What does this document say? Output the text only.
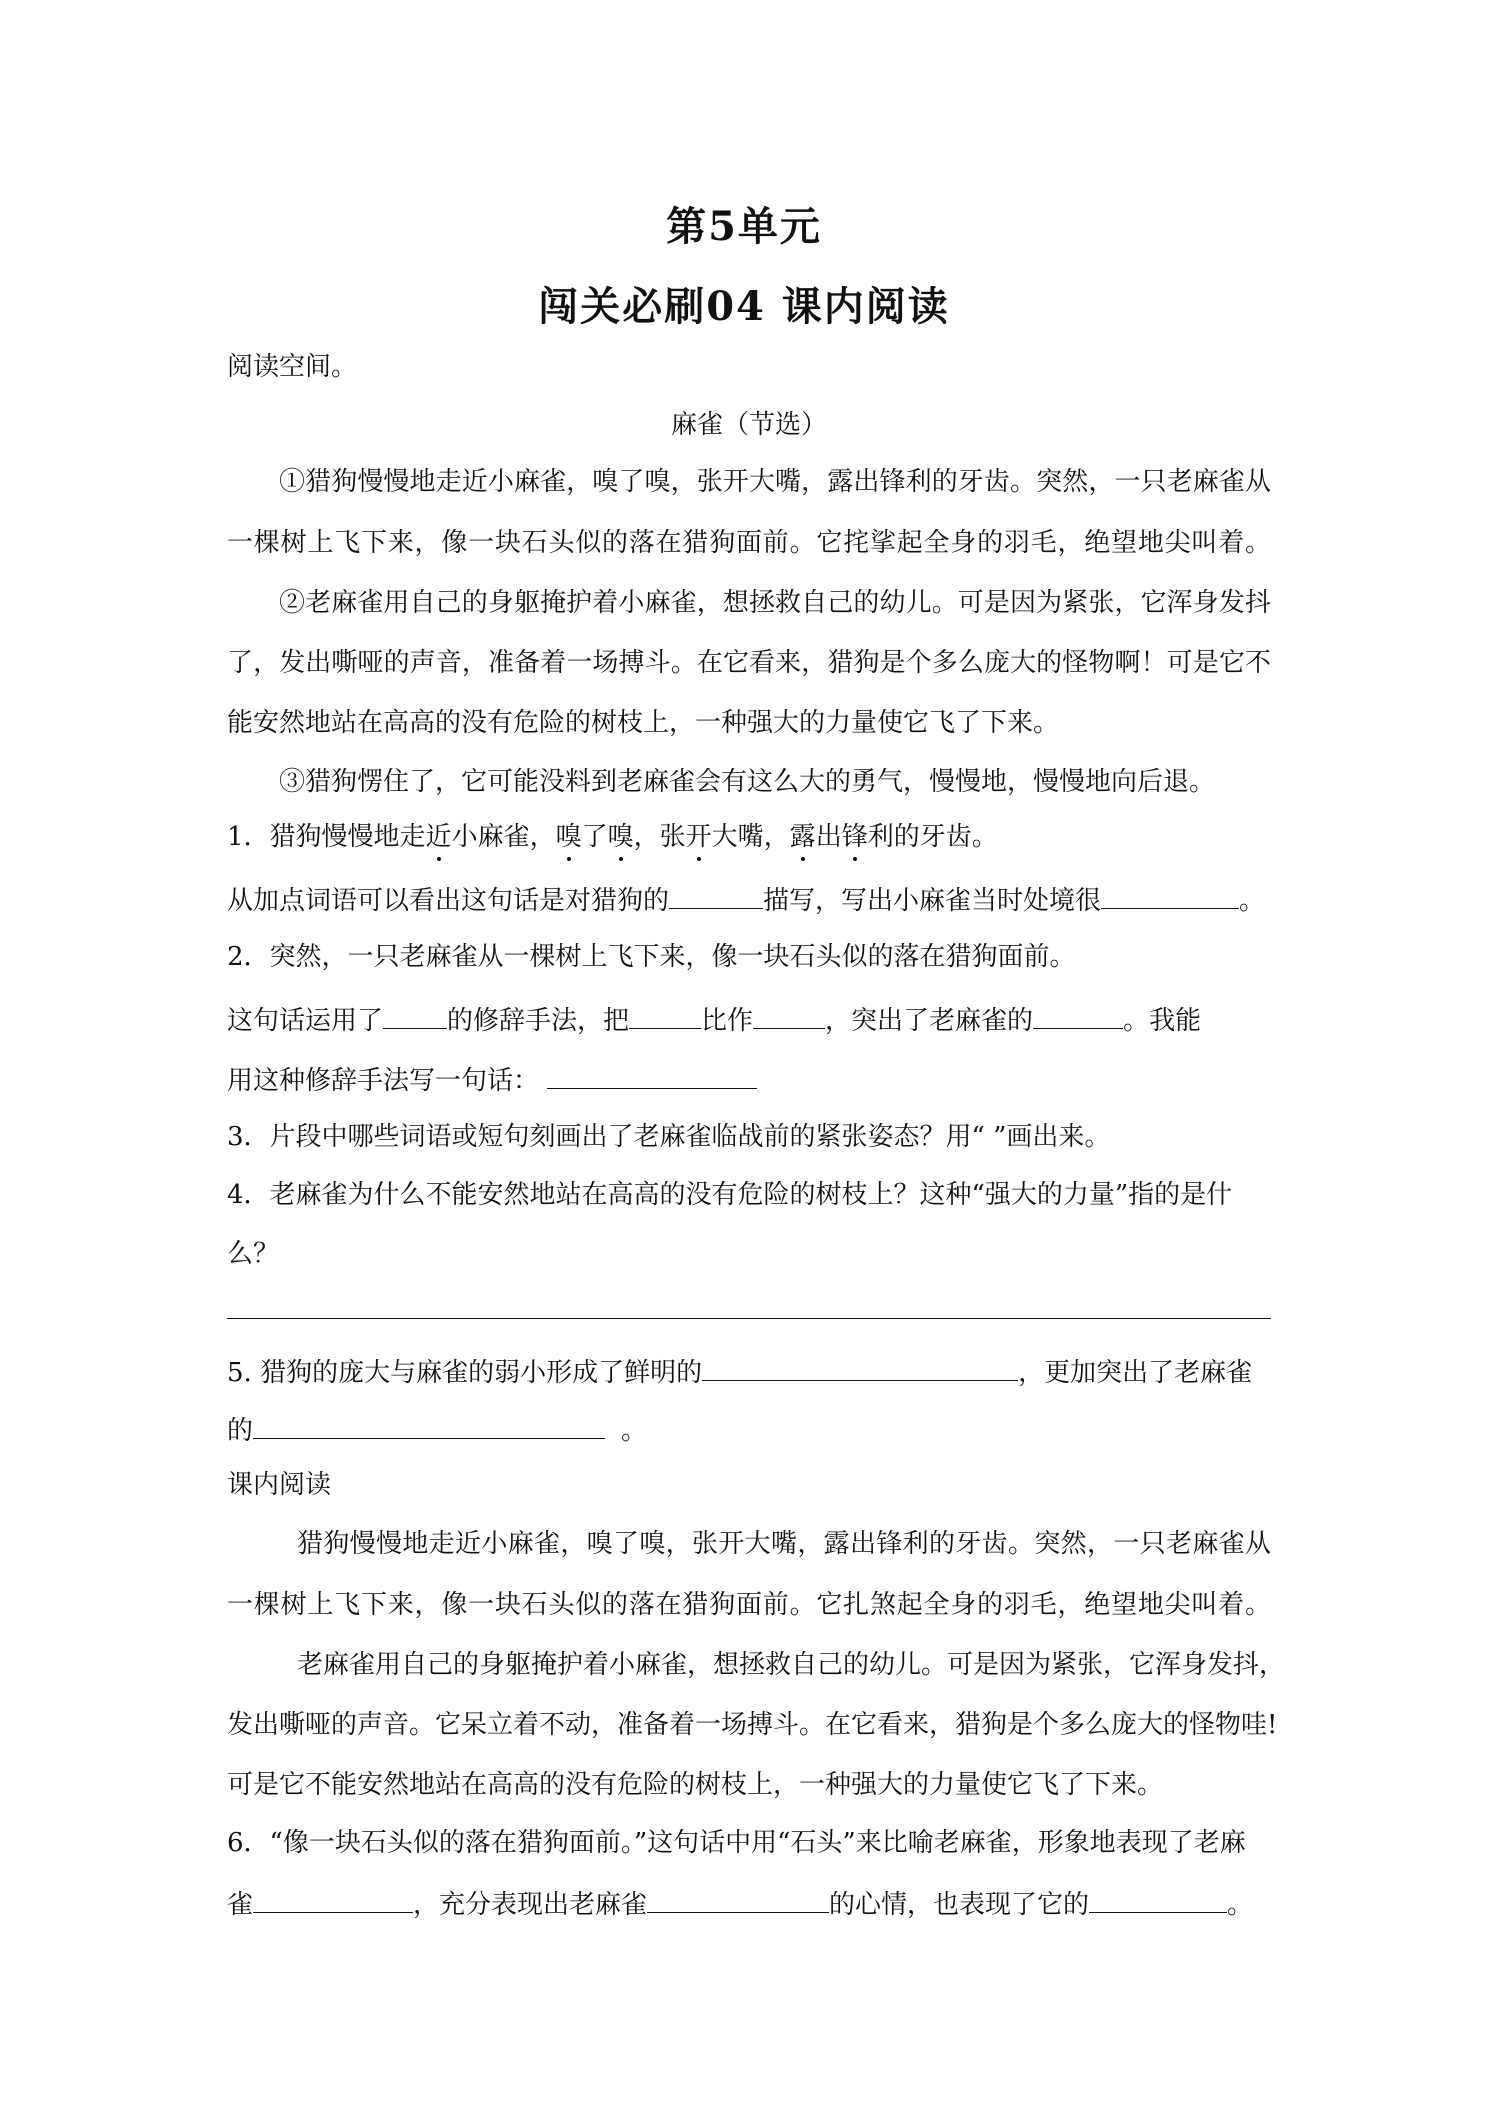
第5单元
闯关必刷04 课内阅读
阅读空间。
麻雀（节选）
①猎狗慢慢地走近小麻雀，嗅了嗅，张开大嘴，露出锋利的牙齿。突然，一只老麻雀从
一棵树上飞下来，像一块石头似的落在猎狗面前。它挓挲起全身的羽毛，绝望地尖叫着。
②老麻雀用自己的身躯掩护着小麻雀，想拯救自己的幼儿。可是因为紧张，它浑身发抖
了，发出嘶哑的声音，准备着一场搏斗。在它看来，猎狗是个多么庞大的怪物啊！可是它不
能安然地站在高高的没有危险的树枝上，一种强大的力量使它飞了下来。
③猎狗愣住了，它可能没料到老麻雀会有这么大的勇气，慢慢地，慢慢地向后退。
1．猎狗慢慢地走近小麻雀，嗅了嗅，张开大嘴，露出锋利的牙齿。
从加点词语可以看出这句话是对猎狗的	描写，写出小麻雀当时处境很	。
2．突然，一只老麻雀从一棵树上飞下来，像一块石头似的落在猎狗面前。
这句话运用了 的修辞手法，把	比作	，突出了老麻雀的	。我能
用这种修辞手法写一句话：
3．片段中哪些词语或短句刻画出了老麻雀临战前的紧张姿态？用“ ”画出来。
4．老麻雀为什么不能安然地站在高高的没有危险的树枝上？这种“强大的力量”指的是什
么？
5. 猎狗的庞大与麻雀的弱小形成了鲜明的	，更加突出了老麻雀
的	。
课内阅读
猎狗慢慢地走近小麻雀，嗅了嗅，张开大嘴，露出锋利的牙齿。突然，一只老麻雀从
一棵树上飞下来，像一块石头似的落在猎狗面前。它扎煞起全身的羽毛，绝望地尖叫着。
老麻雀用自己的身躯掩护着小麻雀，想拯救自己的幼儿。可是因为紧张，它浑身发抖，
发出嘶哑的声音。它呆立着不动，准备着一场搏斗。在它看来，猎狗是个多么庞大的怪物哇!
可是它不能安然地站在高高的没有危险的树枝上，一种强大的力量使它飞了下来。
6．“像一块石头似的落在猎狗面前。”这句话中用“石头”来比喻老麻雀，形象地表现了老麻
雀	，充分表现出老麻雀	的心情，也表现了它的	。
